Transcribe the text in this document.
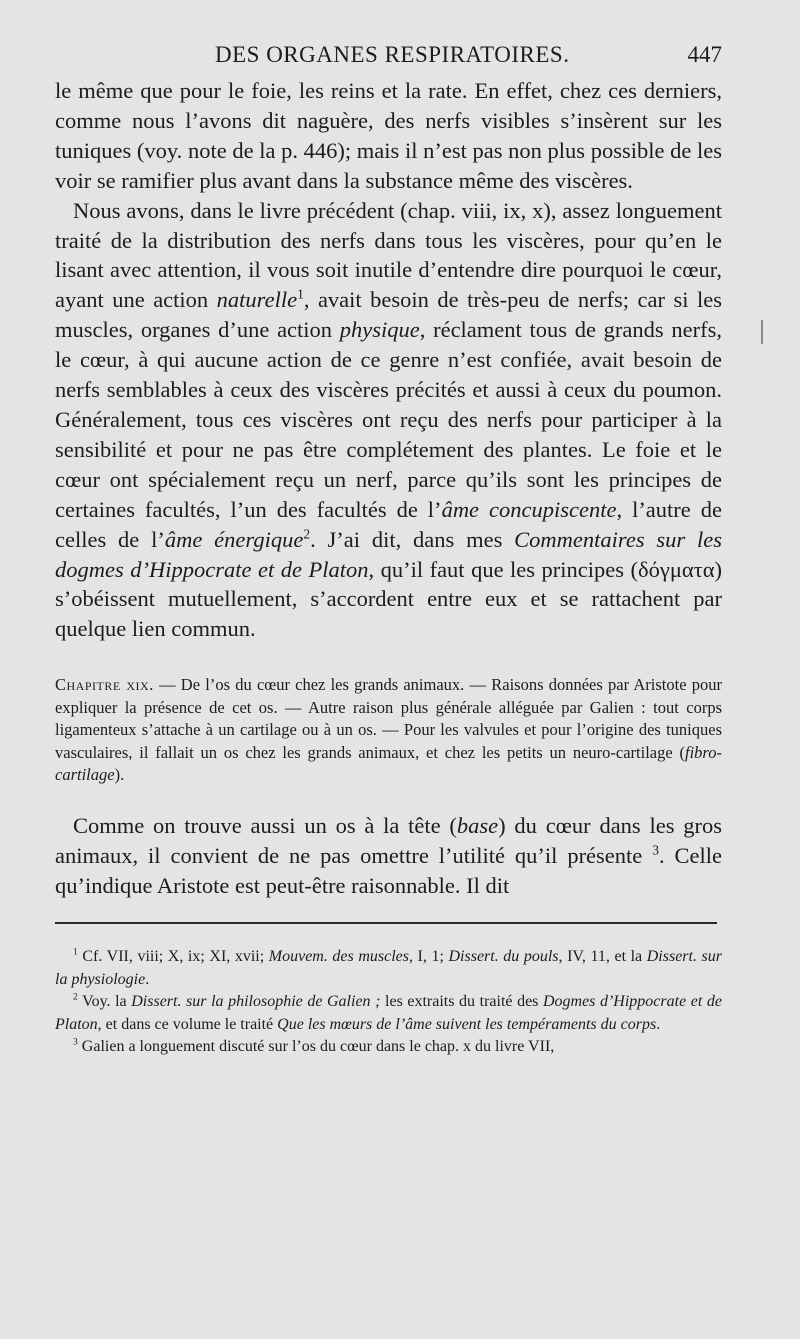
DES ORGANES RESPIRATOIRES.	447

le même que pour le foie, les reins et la rate. En effet, chez ces derniers, comme nous l’avons dit naguère, des nerfs visibles s’insèrent sur les tuniques (voy. note de la p. 446); mais il n’est pas non plus possible de les voir se ramifier plus avant dans la substance même des viscères.

Nous avons, dans le livre précédent (chap. viii, ix, x), assez longuement traité de la distribution des nerfs dans tous les viscères, pour qu’en le lisant avec attention, il vous soit inutile d’entendre dire pourquoi le cœur, ayant une action naturelle$^1$, avait besoin de très-peu de nerfs; car si les muscles, organes d’une action physique, réclament tous de grands nerfs, le cœur, à qui aucune action de ce genre n’est confiée, avait besoin de nerfs semblables à ceux des viscères précités et aussi à ceux du poumon. Généralement, tous ces viscères ont reçu des nerfs pour participer à la sensibilité et pour ne pas être complétement des plantes. Le foie et le cœur ont spécialement reçu un nerf, parce qu’ils sont les principes de certaines facultés, l’un des facultés de l’âme concupiscente, l’autre de celles de l’âme énergique$^2$. J’ai dit, dans mes Commentaires sur les dogmes d’Hippocrate et de Platon, qu’il faut que les principes (δόγματα) s’obéissent mutuellement, s’accordent entre eux et se rattachent par quelque lien commun.

Chapitre xix. — De l’os du cœur chez les grands animaux. — Raisons données par Aristote pour expliquer la présence de cet os. — Autre raison plus générale alléguée par Galien : tout corps ligamenteux s’attache à un cartilage ou à un os. — Pour les valvules et pour l’origine des tuniques vasculaires, il fallait un os chez les grands animaux, et chez les petits un neuro-cartilage (fibro-cartilage).

Comme on trouve aussi un os à la tête (base) du cœur dans les gros animaux, il convient de ne pas omettre l’utilité qu’il présente $^3$. Celle qu’indique Aristote est peut-être raisonnable. Il dit

$^1$ Cf. VII, viii; X, ix; XI, xvii; Mouvem. des muscles, I, 1; Dissert. du pouls, IV, 11, et la Dissert. sur la physiologie.

$^2$ Voy. la Dissert. sur la philosophie de Galien ; les extraits du traité des Dogmes d’Hippocrate et de Platon, et dans ce volume le traité Que les mœurs de l’âme suivent les tempéraments du corps.

$^3$ Galien a longuement discuté sur l’os du cœur dans le chap. x du livre VII,
